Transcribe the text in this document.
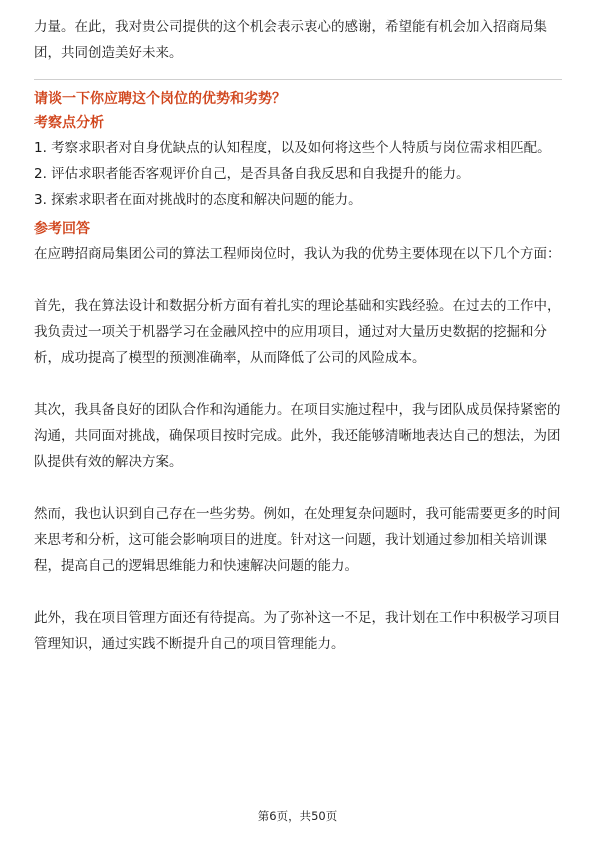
力量。在此，我对贵公司提供的这个机会表示衷心的感谢，希望能有机会加入招商局集团，共同创造美好未来。

请谈一下你应聘这个岗位的优势和劣势？

考察点分析

1. 考察求职者对自身优缺点的认知程度，以及如何将这些个人特质与岗位需求相匹配。

2. 评估求职者能否客观评价自己，是否具备自我反思和自我提升的能力。

3. 探索求职者在面对挑战时的态度和解决问题的能力。

参考回答

在应聘招商局集团公司的算法工程师岗位时，我认为我的优势主要体现在以下几个方面：

首先，我在算法设计和数据分析方面有着扎实的理论基础和实践经验。在过去的工作中，我负责过一项关于机器学习在金融风控中的应用项目，通过对大量历史数据的挖掘和分析，成功提高了模型的预测准确率，从而降低了公司的风险成本。

其次，我具备良好的团队合作和沟通能力。在项目实施过程中，我与团队成员保持紧密的沟通，共同面对挑战，确保项目按时完成。此外，我还能够清晰地表达自己的想法，为团队提供有效的解决方案。

然而，我也认识到自己存在一些劣势。例如，在处理复杂问题时，我可能需要更多的时间来思考和分析，这可能会影响项目的进度。针对这一问题，我计划通过参加相关培训课程，提高自己的逻辑思维能力和快速解决问题的能力。

此外，我在项目管理方面还有待提高。为了弥补这一不足，我计划在工作中积极学习项目管理知识，通过实践不断提升自己的项目管理能力。

第6页，共50页
